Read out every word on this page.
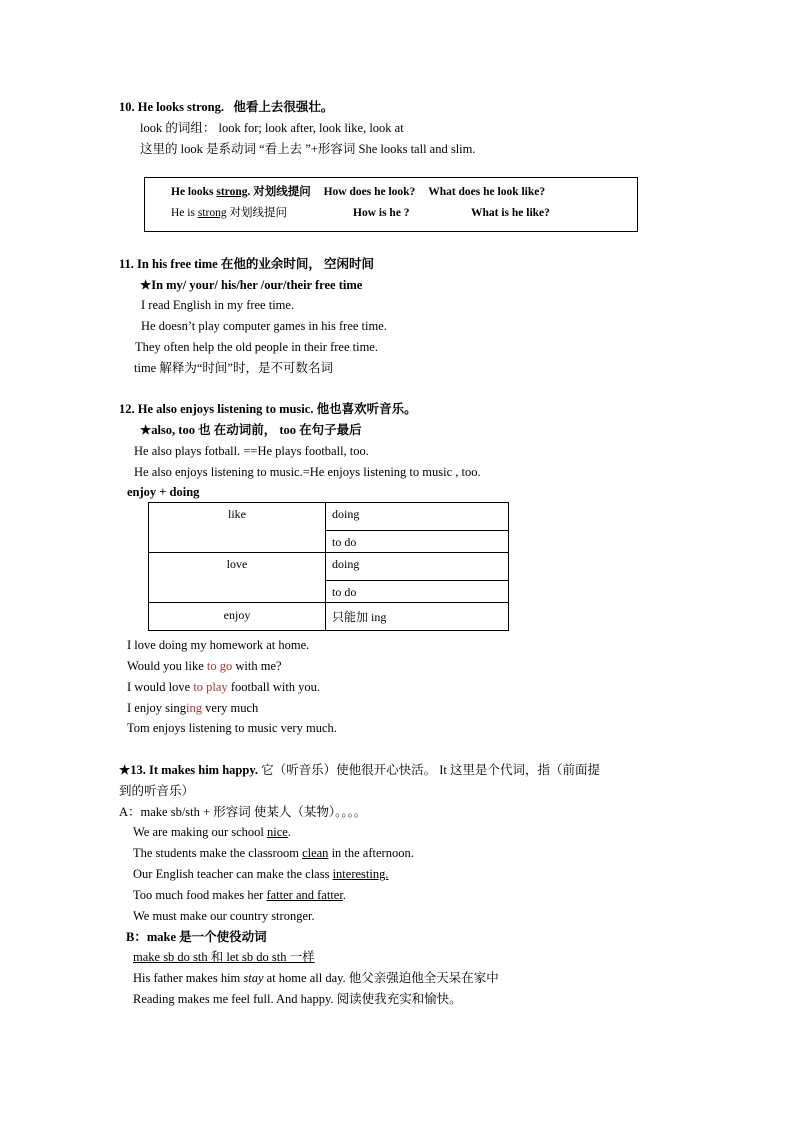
10. He looks strong. 他看上去很强壮。
look 的词组： look for; look after, look like, look at
这里的 look 是系动词 “看上去 ”+形容词 She looks tall and slim.
He looks strong. 对划线提问 How does he look? What does he look like?
He is strong 对划线提问	How is he ?	What is he like?
11. In his free time 在他的业余时间， 空闲时间
★In my/ your/ his/her /our/their free time
I read English in my free time.
He doesn’t play computer games in his free time.
They often help the old people in their free time.
time 解释为“时间”时，是不可数名词
12. He also enjoys listening to music. 他也喜欢听音乐。
★also, too 也 在动词前， too 在句子最后
He also plays fotball. ==He plays football, too.
He also enjoys listening to music.=He enjoys listening to music , too.
enjoy + doing
like	doing

	to do

love	doing

	to do

enjoy	只能加 ing
I love doing my homework at home.
Would you like to go with me?
I would love to play football with you.
I enjoy singing very much
Tom enjoys listening to music very much.
★13. It makes him happy. 它（听音乐）使他很开心快活。 It 这里是个代词，指（前面提
到的听音乐）
A：make sb/sth + 形容词 使某人（某物）。。。。
We are making our school nice.
The students make the classroom clean in the afternoon.
Our English teacher can make the class interesting.
Too much food makes her fatter and fatter.
We must make our country stronger.
B：make 是一个使役动词
make sb do sth 和 let sb do sth 一样
His father makes him stay at home all day. 他父亲强迫他全天呆在家中
Reading makes me feel full. And happy. 阅读使我充实和愉快。
